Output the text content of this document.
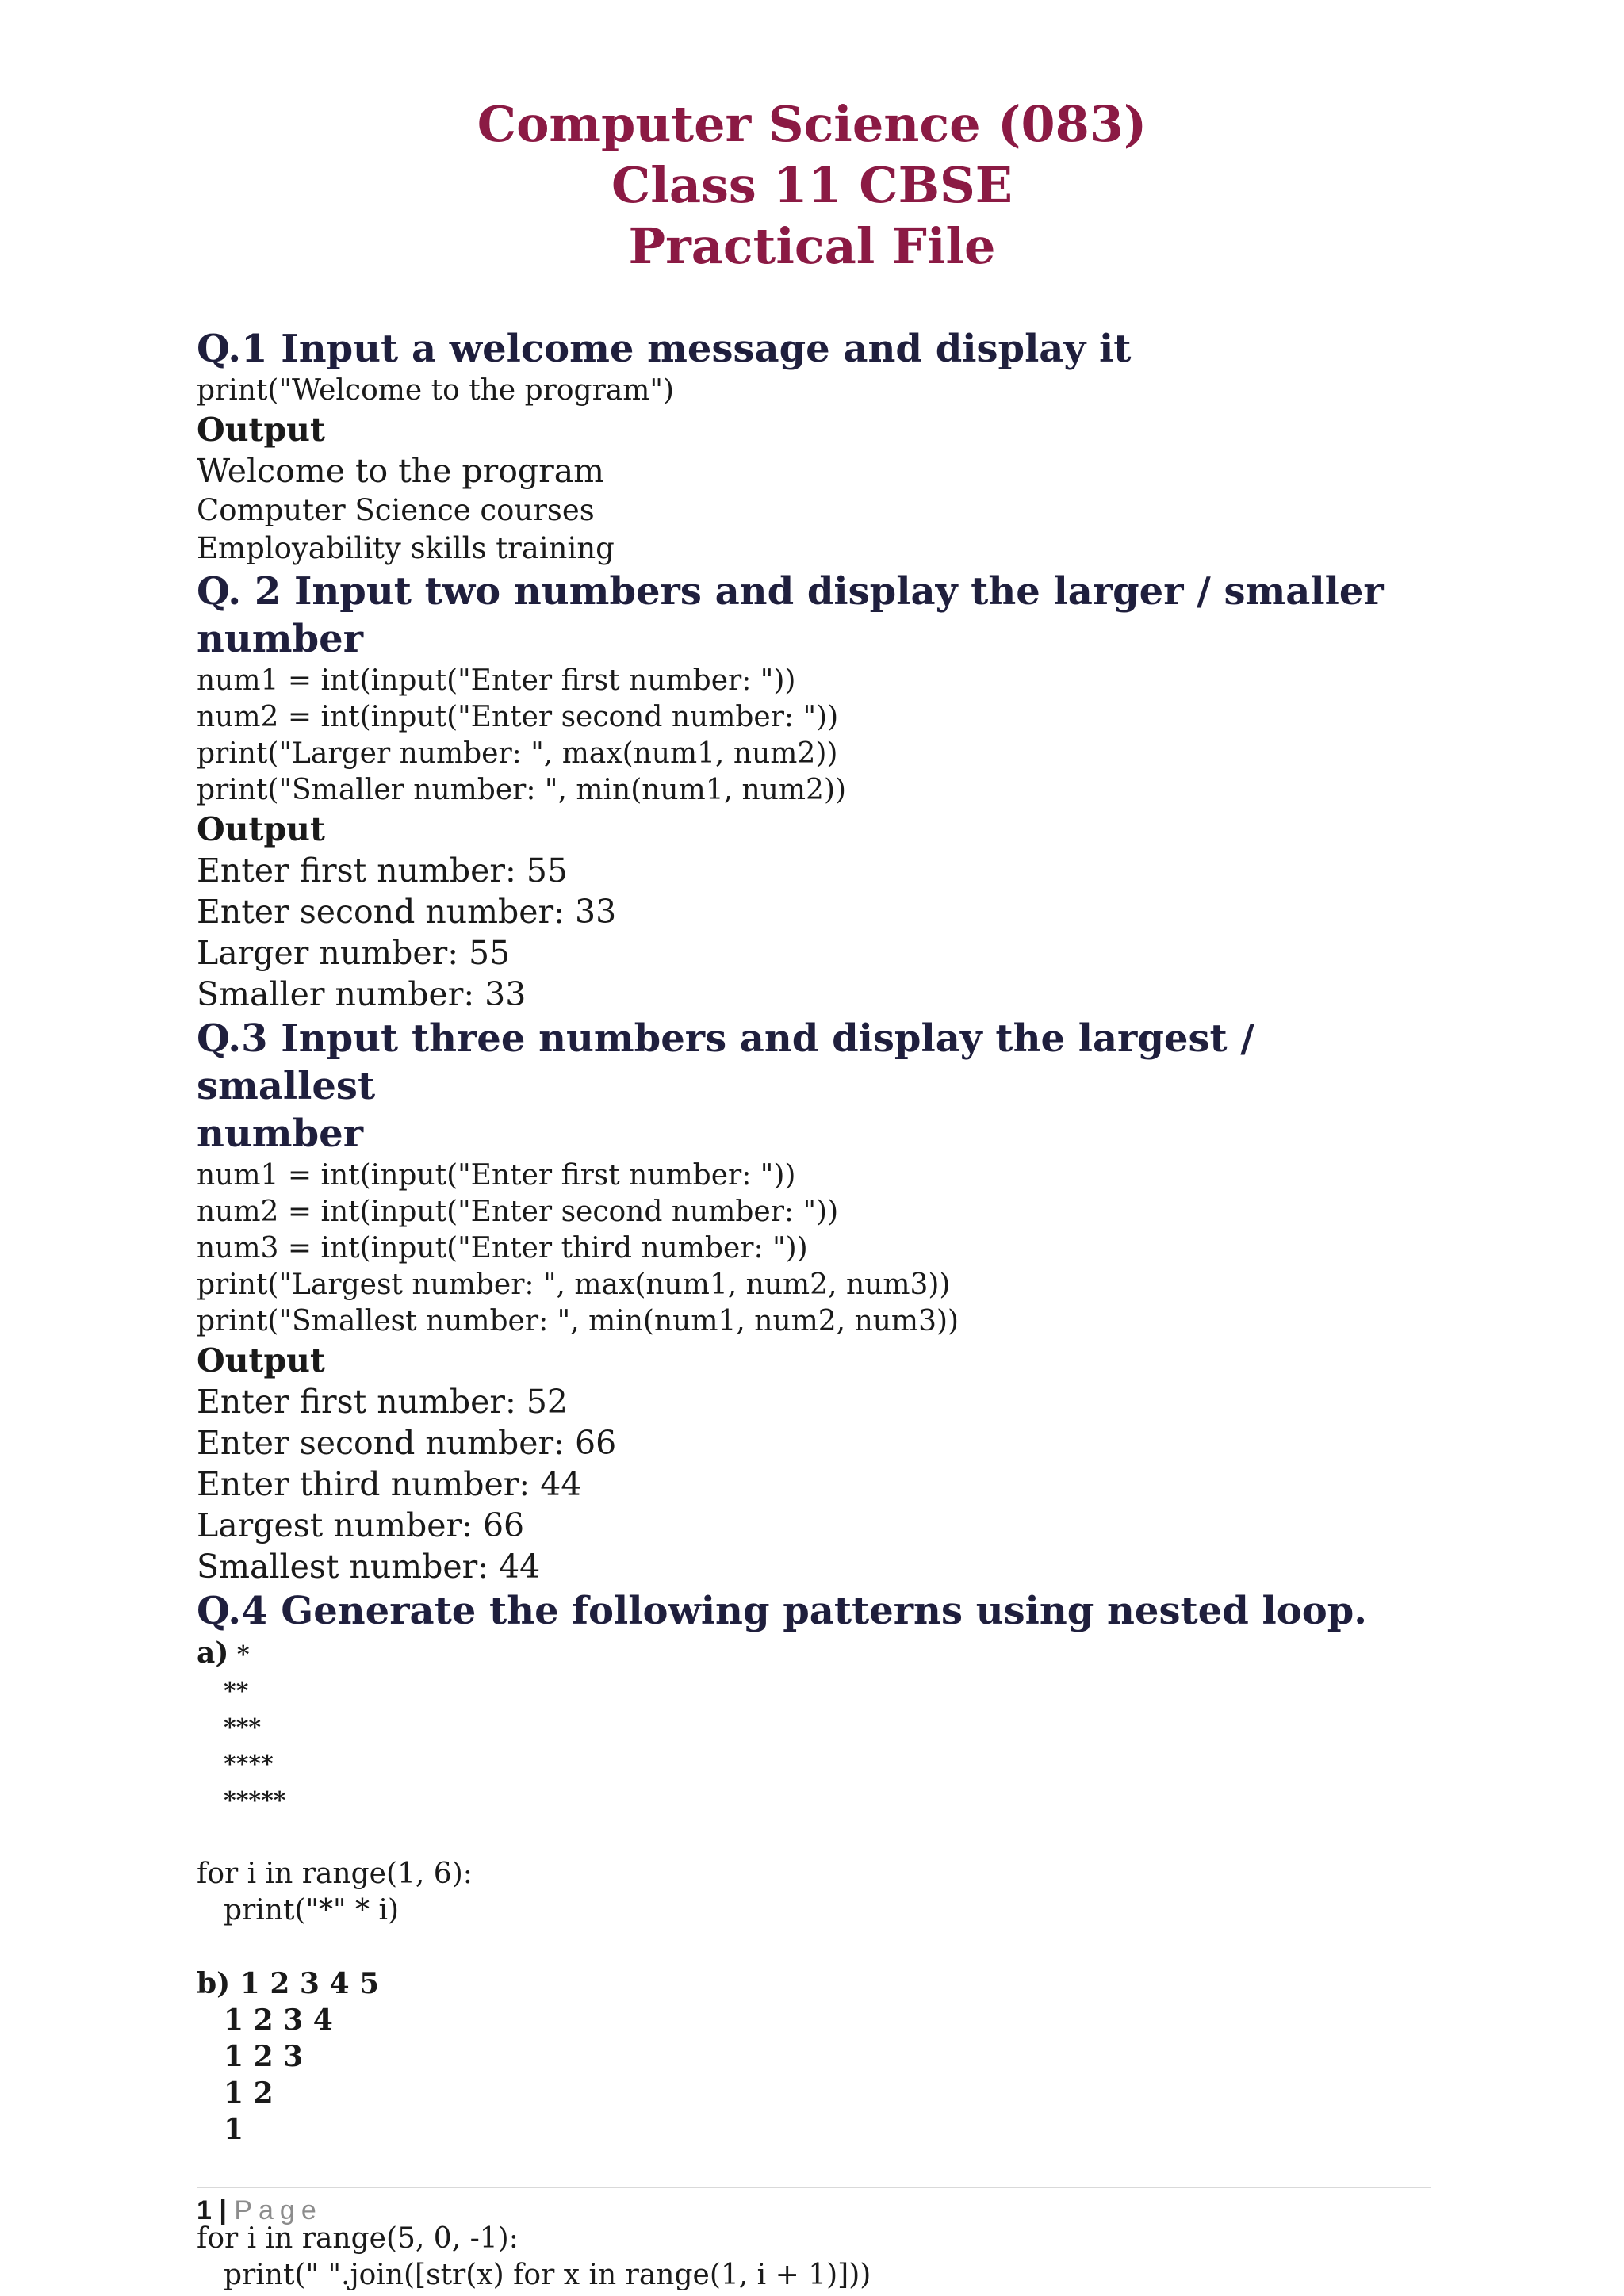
Computer Science (083)
Class 11 CBSE
Practical File
Q.1 Input a welcome message and display it
print("Welcome to the program")
Output
Welcome to the program
Computer Science courses
Employability skills training
Q. 2 Input two numbers and display the larger / smaller number
num1 = int(input("Enter first number: "))
num2 = int(input("Enter second number: "))
print("Larger number: ", max(num1, num2))
print("Smaller number: ", min(num1, num2))
Output
Enter first number: 55
Enter second number: 33
Larger number: 55
Smaller number: 33
Q.3 Input three numbers and display the largest / smallest
number
num1 = int(input("Enter first number: "))
num2 = int(input("Enter second number: "))
num3 = int(input("Enter third number: "))
print("Largest number: ", max(num1, num2, num3))
print("Smallest number: ", min(num1, num2, num3))
Output
Enter first number: 52
Enter second number: 66
Enter third number: 44
Largest number: 66
Smallest number: 44
Q.4 Generate the following patterns using nested loop.
a) *
**
***
****
*****
for i in range(1, 6):
print("*" * i)
b) 1 2 3 4 5
1 2 3 4
1 2 3
1 2
1
for i in range(5, 0, -1):
print(" ".join([str(x) for x in range(1, i + 1)]))
1 | Page
